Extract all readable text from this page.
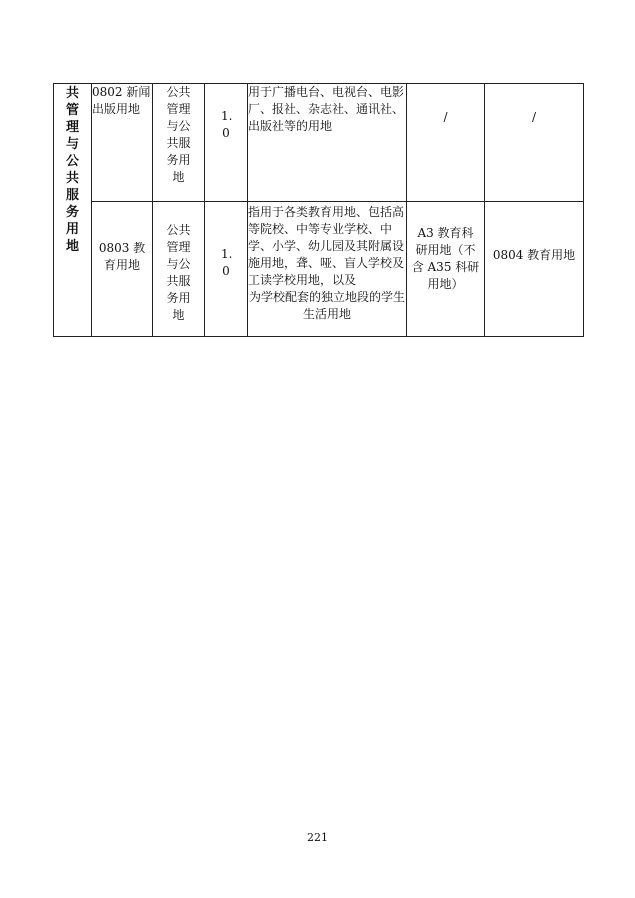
共管理与公共服务用地	0802 新闻出版用地	公共管理与公共服务用地	1.0	用于广播电台、电视台、电影厂、报社、杂志社、通讯社、出版社等的用地	/	/

	0803 教育用地	公共管理与公共服务用地	1.0	指用于各类教育用地、包括高等院校、中等专业学校、中学、小学、幼儿园及其附属设施用地，聋、哑、盲人学校及工读学校用地，以及
为学校配套的独立地段的学生生活用地	A3 教育科研用地（不含 A35 科研用地）	0804 教育用地
221
